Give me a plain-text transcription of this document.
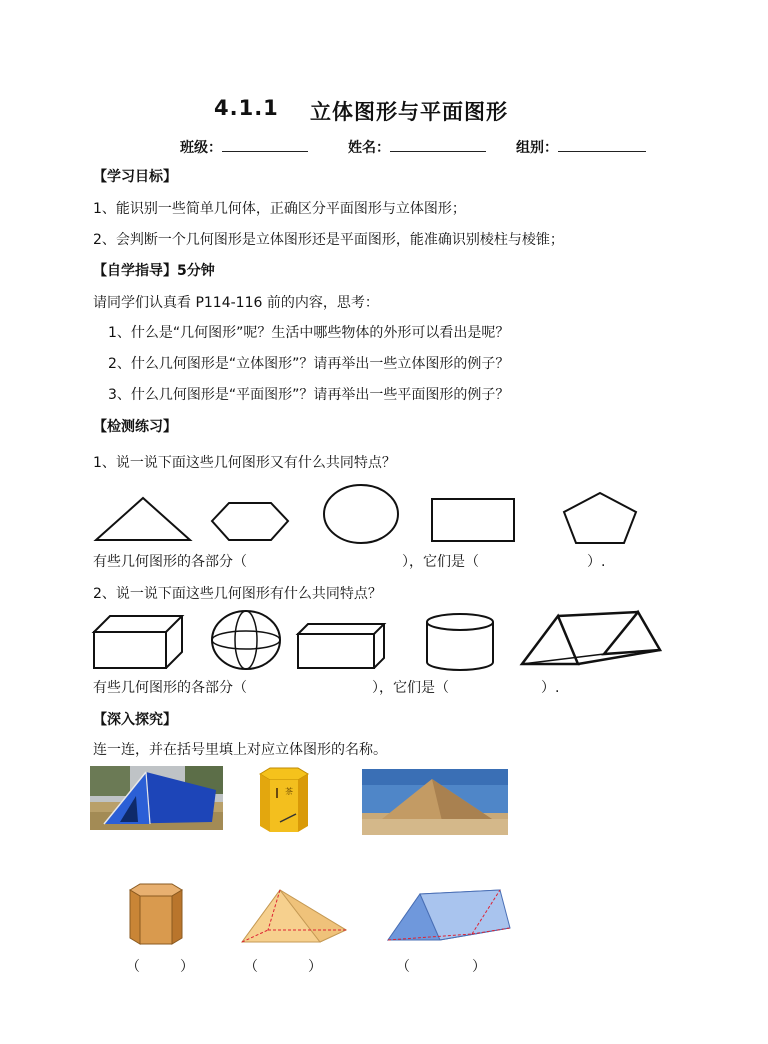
4.1.1 立体图形与平面图形
班级：	姓名：	组别：
【学习目标】
1、能识别一些简单几何体，正确区分平面图形与立体图形；
2、会判断一个几何图形是立体图形还是平面图形，能准确识别棱柱与棱锥；
【自学指导】5分钟
请同学们认真看 P114-116 前的内容，思考：
1、什么是“几何图形”呢？生活中哪些物体的外形可以看出是呢？
2、什么几何图形是“立体图形”？请再举出一些立体图形的例子？
3、什么几何图形是“平面图形”？请再举出一些平面图形的例子？
【检测练习】
1、说一说下面这些几何图形又有什么共同特点？
有些几何图形的各部分（	），它们是（	）.
2、说一说下面这些几何图形有什么共同特点？
有些几何图形的各部分（	），它们是（	）.
【深入探究】
连一连，并在括号里填上对应立体图形的名称。
茶
（	）	（	）	（	）
